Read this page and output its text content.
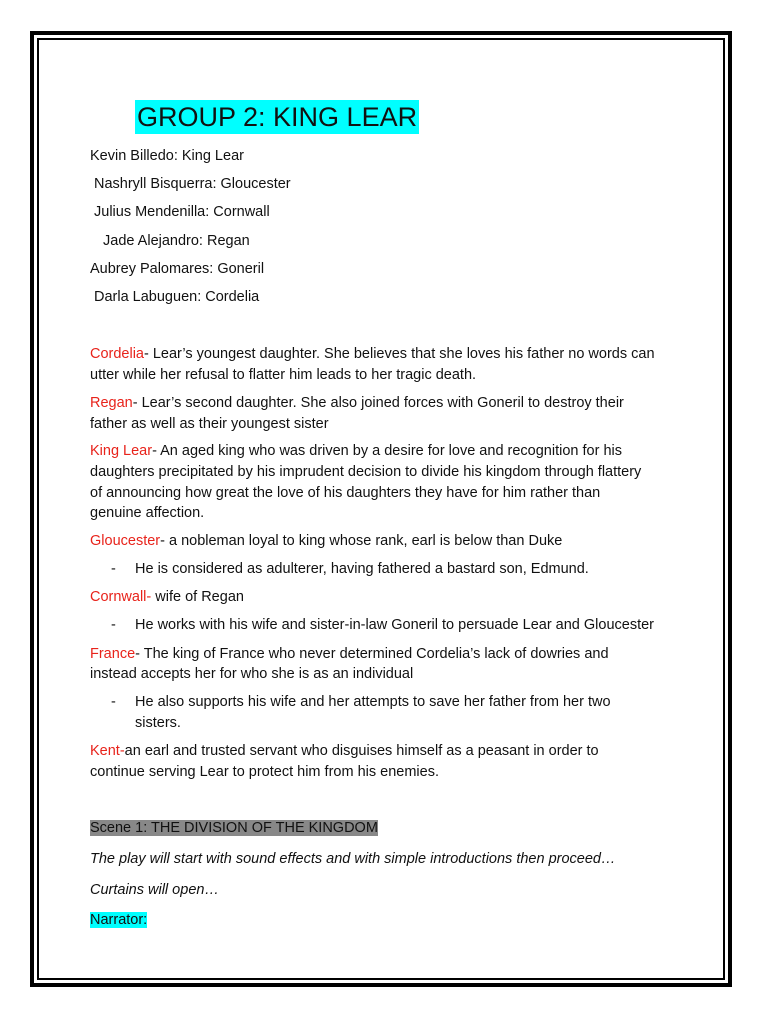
GROUP 2: KING LEAR
Kevin Billedo: King Lear
Nashryll Bisquerra: Gloucester
Julius Mendenilla: Cornwall
Jade Alejandro: Regan
Aubrey Palomares: Goneril
Darla Labuguen: Cordelia
Cordelia- Lear’s youngest daughter. She believes that she loves his father no words can
utter while her refusal to flatter him leads to her tragic death.
Regan- Lear’s second daughter. She also joined forces with Goneril to destroy their
father as well as their youngest sister
King Lear- An aged king who was driven by a desire for love and recognition for his
daughters precipitated by his imprudent decision to divide his kingdom through flattery
of announcing how great the love of his daughters they have for him rather than
genuine affection.
Gloucester- a nobleman loyal to king whose rank, earl is below than Duke
- He is considered as adulterer, having fathered a bastard son, Edmund.
Cornwall- wife of Regan
- He works with his wife and sister-in-law Goneril to persuade Lear and Gloucester
France- The king of France who never determined Cordelia’s lack of dowries and
instead accepts her for who she is as an individual
- He also supports his wife and her attempts to save her father from her two
sisters.
Kent-an earl and trusted servant who disguises himself as a peasant in order to
continue serving Lear to protect him from his enemies.
Scene 1: THE DIVISION OF THE KINGDOM
The play will start with sound effects and with simple introductions then proceed…
Curtains will open…
Narrator:
